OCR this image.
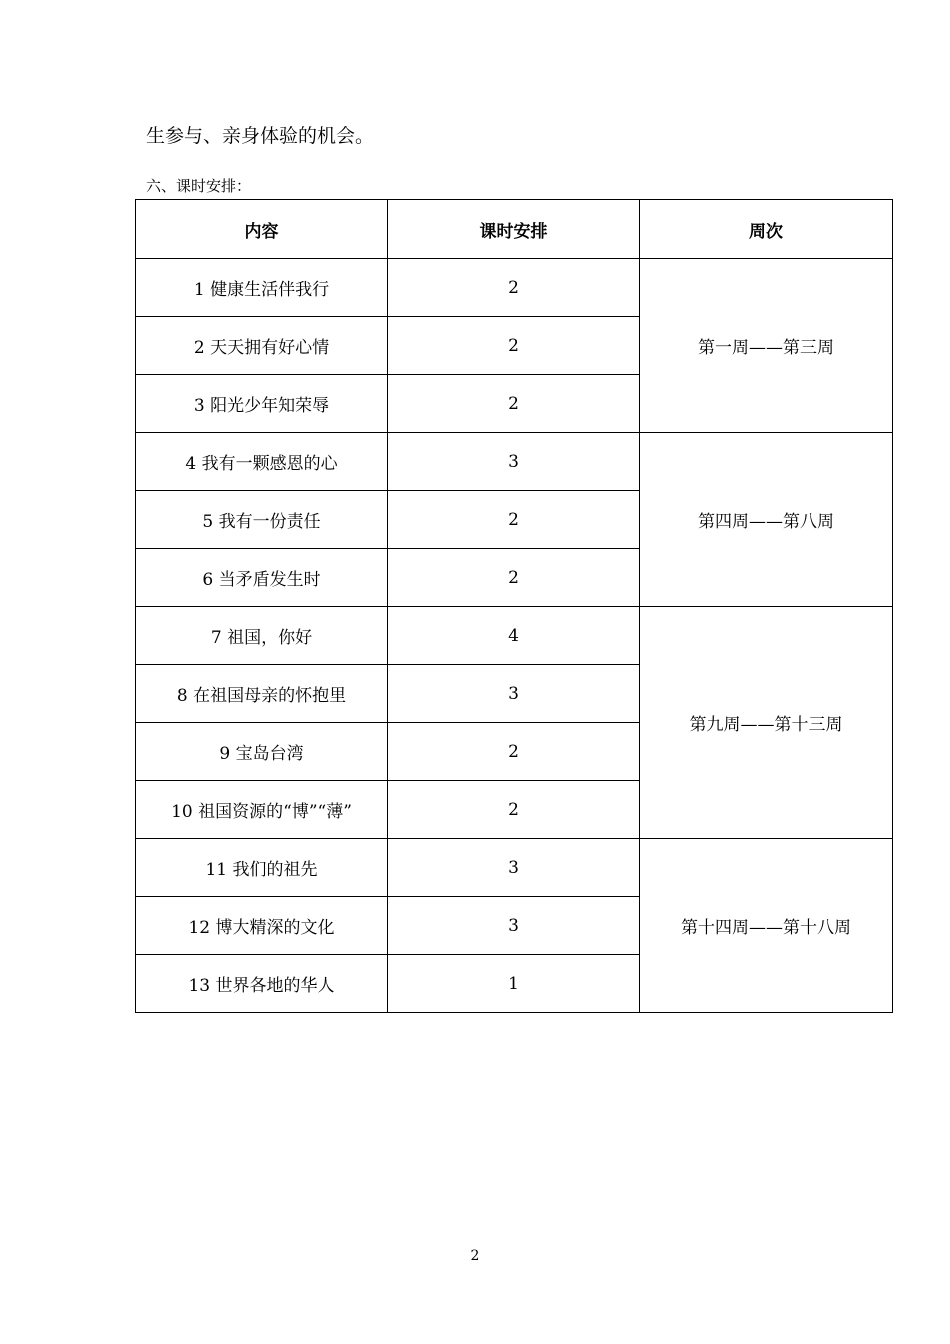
生参与、亲身体验的机会。

六、课时安排：

内容	课时安排	周次
1 健康生活伴我行	2	第一周——第三周
2 天天拥有好心情	2	
3 阳光少年知荣辱	2	
4 我有一颗感恩的心	3	第四周——第八周
5 我有一份责任	2	
6 当矛盾发生时	2	
7 祖国，你好	4	第九周——第十三周
8 在祖国母亲的怀抱里	3	
9 宝岛台湾	2	
10 祖国资源的“博”“薄”	2	
11 我们的祖先	3	第十四周——第十八周
12 博大精深的文化	3	
13 世界各地的华人	1	
2
